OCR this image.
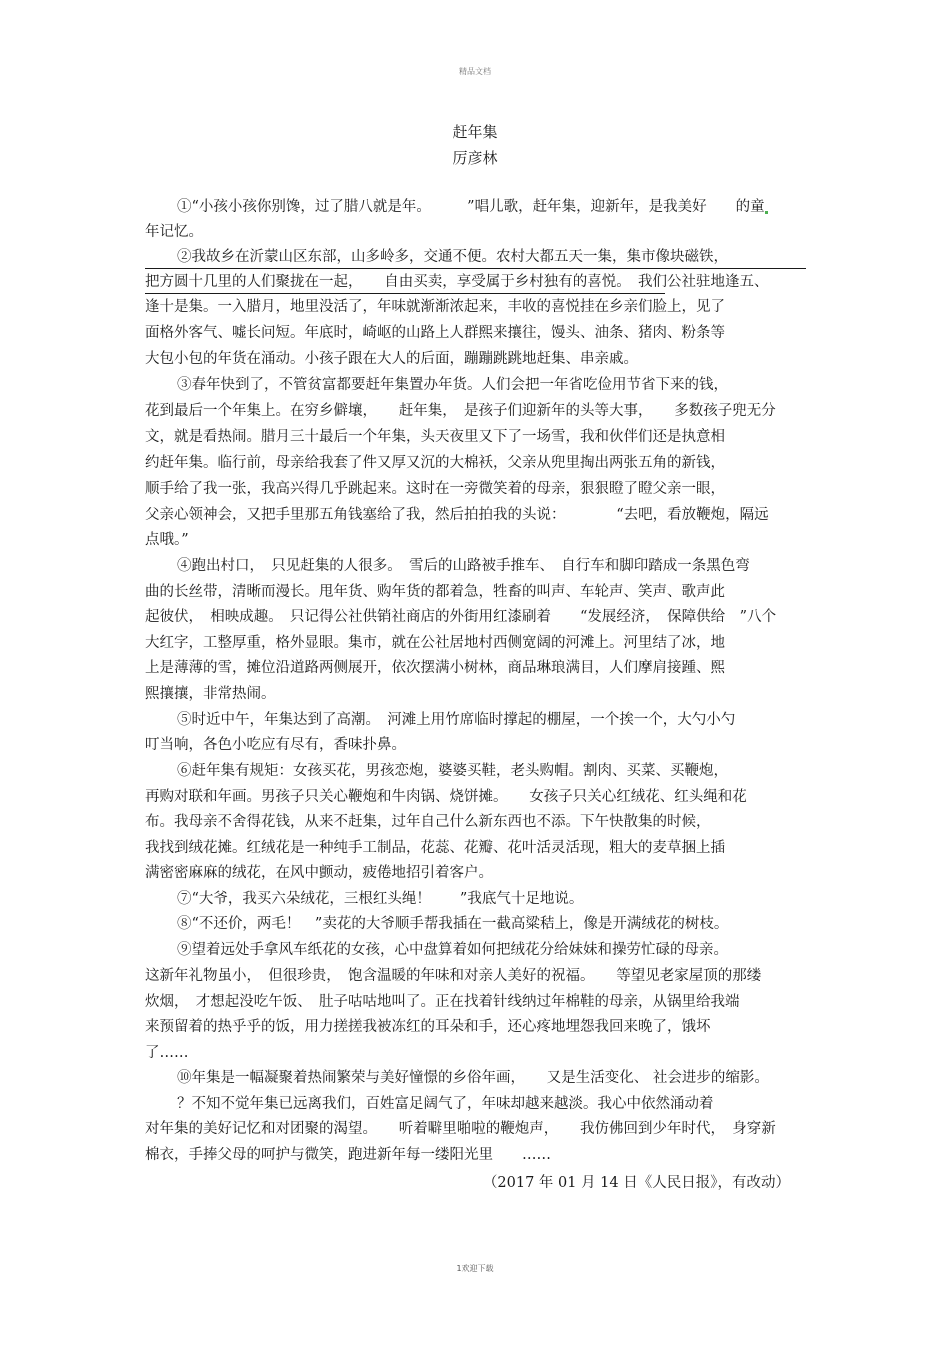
精品文档
赶年集
厉彦林
①“小孩小孩你别馋，过了腊八就是年。　　　”唱儿歌，赶年集，迎新年，是我美好　　的童
年记忆。
②我故乡在沂蒙山区东部，山多岭多，交通不便。农村大都五天一集，集市像块磁铁，
把方圆十几里的人们聚拢在一起，　　自由买卖，享受属于乡村独有的喜悦。　我们公社驻地逢五、
逢十是集。一入腊月，地里没活了，年味就渐渐浓起来，丰收的喜悦挂在乡亲们脸上，见了
面格外客气、嘘长问短。年底时，崎岖的山路上人群熙来攘往，馒头、油条、猪肉、粉条等
大包小包的年货在涌动。小孩子跟在大人的后面，蹦蹦跳跳地赶集、串亲戚。
③春年快到了，不管贫富都要赶年集置办年货。人们会把一年省吃俭用节省下来的钱，
花到最后一个年集上。在穷乡僻壤，　　赶年集，　是孩子们迎新年的头等大事，　　多数孩子兜无分
文，就是看热闹。腊月三十最后一个年集，头天夜里又下了一场雪，我和伙伴们还是执意相
约赶年集。临行前，母亲给我套了件又厚又沉的大棉袄，父亲从兜里掏出两张五角的新钱，
顺手给了我一张，我高兴得几乎跳起来。这时在一旁微笑着的母亲，狠狠瞪了瞪父亲一眼，
父亲心领神会，又把手里那五角钱塞给了我，然后拍拍我的头说：　　　　“去吧，看放鞭炮，隔远
点哦。”
④跑出村口，　只见赶集的人很多。　雪后的山路被手推车、　自行车和脚印踏成一条黑色弯
曲的长丝带，清晰而漫长。甩年货、购年货的都着急，牲畜的叫声、车轮声、笑声、歌声此
起彼伏，　相映成趣。　只记得公社供销社商店的外街用红漆刷着　　“发展经济，　保障供给　”八个
大红字，工整厚重，格外显眼。集市，就在公社居地村西侧宽阔的河滩上。河里结了冰，地
上是薄薄的雪，摊位沿道路两侧展开，依次摆满小树林，商品琳琅满目，人们摩肩接踵、熙
熙攘攘，非常热闹。
⑤时近中午，年集达到了高潮。　河滩上用竹席临时撑起的棚屋，一个挨一个，大勺小勺
叮当响，各色小吃应有尽有，香味扑鼻。
⑥赶年集有规矩：女孩买花，男孩恋炮，婆婆买鞋，老头购帽。割肉、买菜、买鞭炮，
再购对联和年画。男孩子只关心鞭炮和牛肉锅、烧饼摊。　　女孩子只关心红绒花、红头绳和花
布。我母亲不舍得花钱，从来不赶集，过年自己什么新东西也不添。下午快散集的时候，
我找到绒花摊。红绒花是一种纯手工制品，花蕊、花瓣、花叶活灵活现，粗大的麦草捆上插
满密密麻麻的绒花，在风中颤动，疲倦地招引着客户。
⑦“大爷，我买六朵绒花，三根红头绳！　　”我底气十足地说。
⑧“不还价，两毛！　”卖花的大爷顺手帮我插在一截高粱秸上，像是开满绒花的树枝。
⑨望着远处手拿风车纸花的女孩，心中盘算着如何把绒花分给妹妹和操劳忙碌的母亲。
这新年礼物虽小，　但很珍贵，　饱含温暖的年味和对亲人美好的祝福。　　等望见老家屋顶的那缕
炊烟，　才想起没吃午饭、　肚子咕咕地叫了。正在找着针线纳过年棉鞋的母亲，从锅里给我端
来预留着的热乎乎的饭，用力搓搓我被冻红的耳朵和手，还心疼地埋怨我回来晚了，饿坏
了……
⑩年集是一幅凝聚着热闹繁荣与美好憧憬的乡俗年画，　　又是生活变化、 社会进步的缩影。
？不知不觉年集已远离我们，百姓富足阔气了，年味却越来越淡。我心中依然涌动着
对年集的美好记忆和对团聚的渴望。　　听着噼里啪啦的鞭炮声，　　我仿佛回到少年时代，　身穿新
棉衣，手捧父母的呵护与微笑，跑进新年每一缕阳光里　　……
（2017 年 01 月 14 日《人民日报》，有改动）
1欢迎下载
